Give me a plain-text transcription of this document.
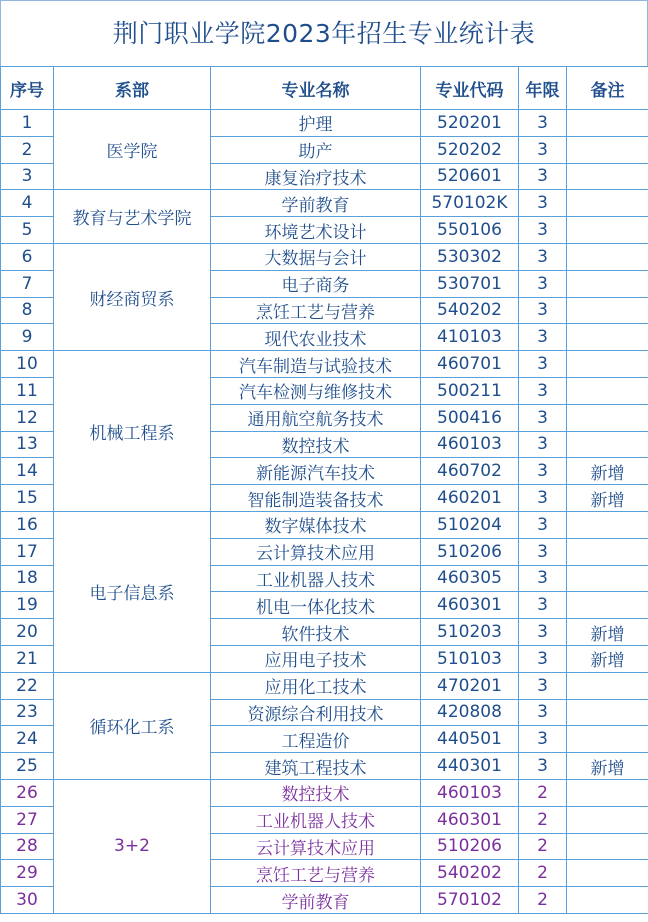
荆门职业学院2023年招生专业统计表
序号	系部	专业名称	专业代码	年限	备注
1	医学院	护理	520201	3	
2		助产	520202	3	
3		康复治疗技术	520601	3	
4	教育与艺术学院	学前教育	570102K	3	
5		环境艺术设计	550106	3	
6	财经商贸系	大数据与会计	530302	3	
7		电子商务	530701	3	
8		烹饪工艺与营养	540202	3	
9		现代农业技术	410103	3	
10	机械工程系	汽车制造与试验技术	460701	3	
11		汽车检测与维修技术	500211	3	
12		通用航空航务技术	500416	3	
13		数控技术	460103	3	
14		新能源汽车技术	460702	3	新增
15		智能制造装备技术	460201	3	新增
16	电子信息系	数字媒体技术	510204	3	
17		云计算技术应用	510206	3	
18		工业机器人技术	460305	3	
19		机电一体化技术	460301	3	
20		软件技术	510203	3	新增
21		应用电子技术	510103	3	新增
22	循环化工系	应用化工技术	470201	3	
23		资源综合利用技术	420808	3	
24		工程造价	440501	3	
25		建筑工程技术	440301	3	新增
26	3+2	数控技术	460103	2	
27		工业机器人技术	460301	2	
28		云计算技术应用	510206	2	
29		烹饪工艺与营养	540202	2	
30		学前教育	570102	2	
